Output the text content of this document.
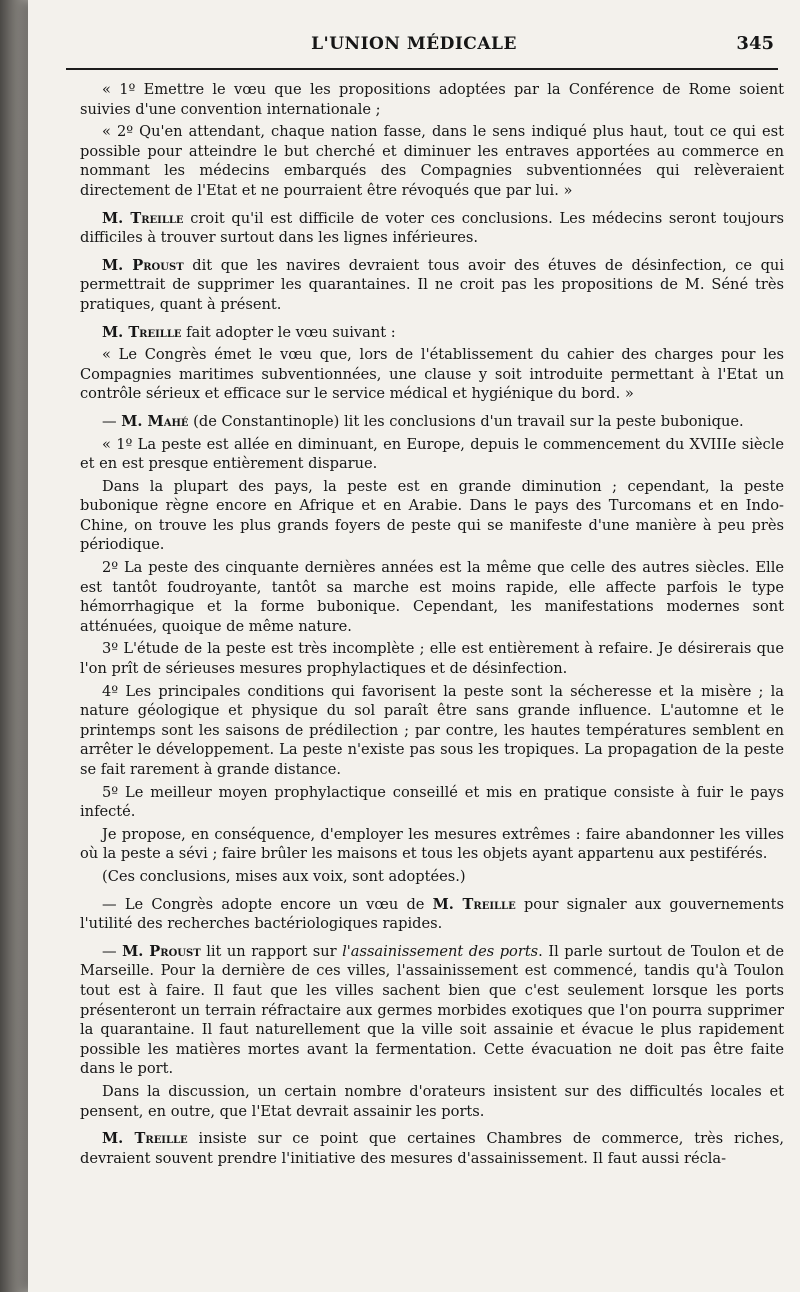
L'UNION MÉDICALE	345

« 1º Emettre le vœu que les propositions adoptées par la Conférence de Rome soient suivies d'une convention internationale ;

« 2º Qu'en attendant, chaque nation fasse, dans le sens indiqué plus haut, tout ce qui est possible pour atteindre le but cherché et diminuer les entraves apportées au commerce en nommant les médecins embarqués des Compagnies subventionnées qui relèveraient directement de l'Etat et ne pourraient être révoqués que par lui. »

M. Treille croit qu'il est difficile de voter ces conclusions. Les médecins seront toujours difficiles à trouver surtout dans les lignes inférieures.

M. Proust dit que les navires devraient tous avoir des étuves de désinfection, ce qui permettrait de supprimer les quarantaines. Il ne croit pas les propositions de M. Séné très pratiques, quant à présent.

M. Treille fait adopter le vœu suivant :

« Le Congrès émet le vœu que, lors de l'établissement du cahier des charges pour les Compagnies maritimes subventionnées, une clause y soit introduite permettant à l'Etat un contrôle sérieux et efficace sur le service médical et hygiénique du bord. »

— M. Mahé (de Constantinople) lit les conclusions d'un travail sur la peste bubonique.

« 1º La peste est allée en diminuant, en Europe, depuis le commencement du XVIIIe siècle et en est presque entièrement disparue.

Dans la plupart des pays, la peste est en grande diminution ; cependant, la peste bubonique règne encore en Afrique et en Arabie. Dans le pays des Turcomans et en Indo-Chine, on trouve les plus grands foyers de peste qui se manifeste d'une manière à peu près périodique.

2º La peste des cinquante dernières années est la même que celle des autres siècles. Elle est tantôt foudroyante, tantôt sa marche est moins rapide, elle affecte parfois le type hémorrhagique et la forme bubonique. Cependant, les manifestations modernes sont atténuées, quoique de même nature.

3º L'étude de la peste est très incomplète ; elle est entièrement à refaire. Je désirerais que l'on prît de sérieuses mesures prophylactiques et de désinfection.

4º Les principales conditions qui favorisent la peste sont la sécheresse et la misère ; la nature géologique et physique du sol paraît être sans grande influence. L'automne et le printemps sont les saisons de prédilection ; par contre, les hautes températures semblent en arrêter le développement. La peste n'existe pas sous les tropiques. La propagation de la peste se fait rarement à grande distance.

5º Le meilleur moyen prophylactique conseillé et mis en pratique consiste à fuir le pays infecté.

Je propose, en conséquence, d'employer les mesures extrêmes : faire abandonner les villes où la peste a sévi ; faire brûler les maisons et tous les objets ayant appartenu aux pestiférés.

(Ces conclusions, mises aux voix, sont adoptées.)

— Le Congrès adopte encore un vœu de M. Treille pour signaler aux gouvernements l'utilité des recherches bactériologiques rapides.

— M. Proust lit un rapport sur l'assainissement des ports. Il parle surtout de Toulon et de Marseille. Pour la dernière de ces villes, l'assainissement est commencé, tandis qu'à Toulon tout est à faire. Il faut que les villes sachent bien que c'est seulement lorsque les ports présenteront un terrain réfractaire aux germes morbides exotiques que l'on pourra supprimer la quarantaine. Il faut naturellement que la ville soit assainie et évacue le plus rapidement possible les matières mortes avant la fermentation. Cette évacuation ne doit pas être faite dans le port.

Dans la discussion, un certain nombre d'orateurs insistent sur des difficultés locales et pensent, en outre, que l'Etat devrait assainir les ports.

M. Treille insiste sur ce point que certaines Chambres de commerce, très riches, devraient souvent prendre l'initiative des mesures d'assainissement. Il faut aussi récla-
